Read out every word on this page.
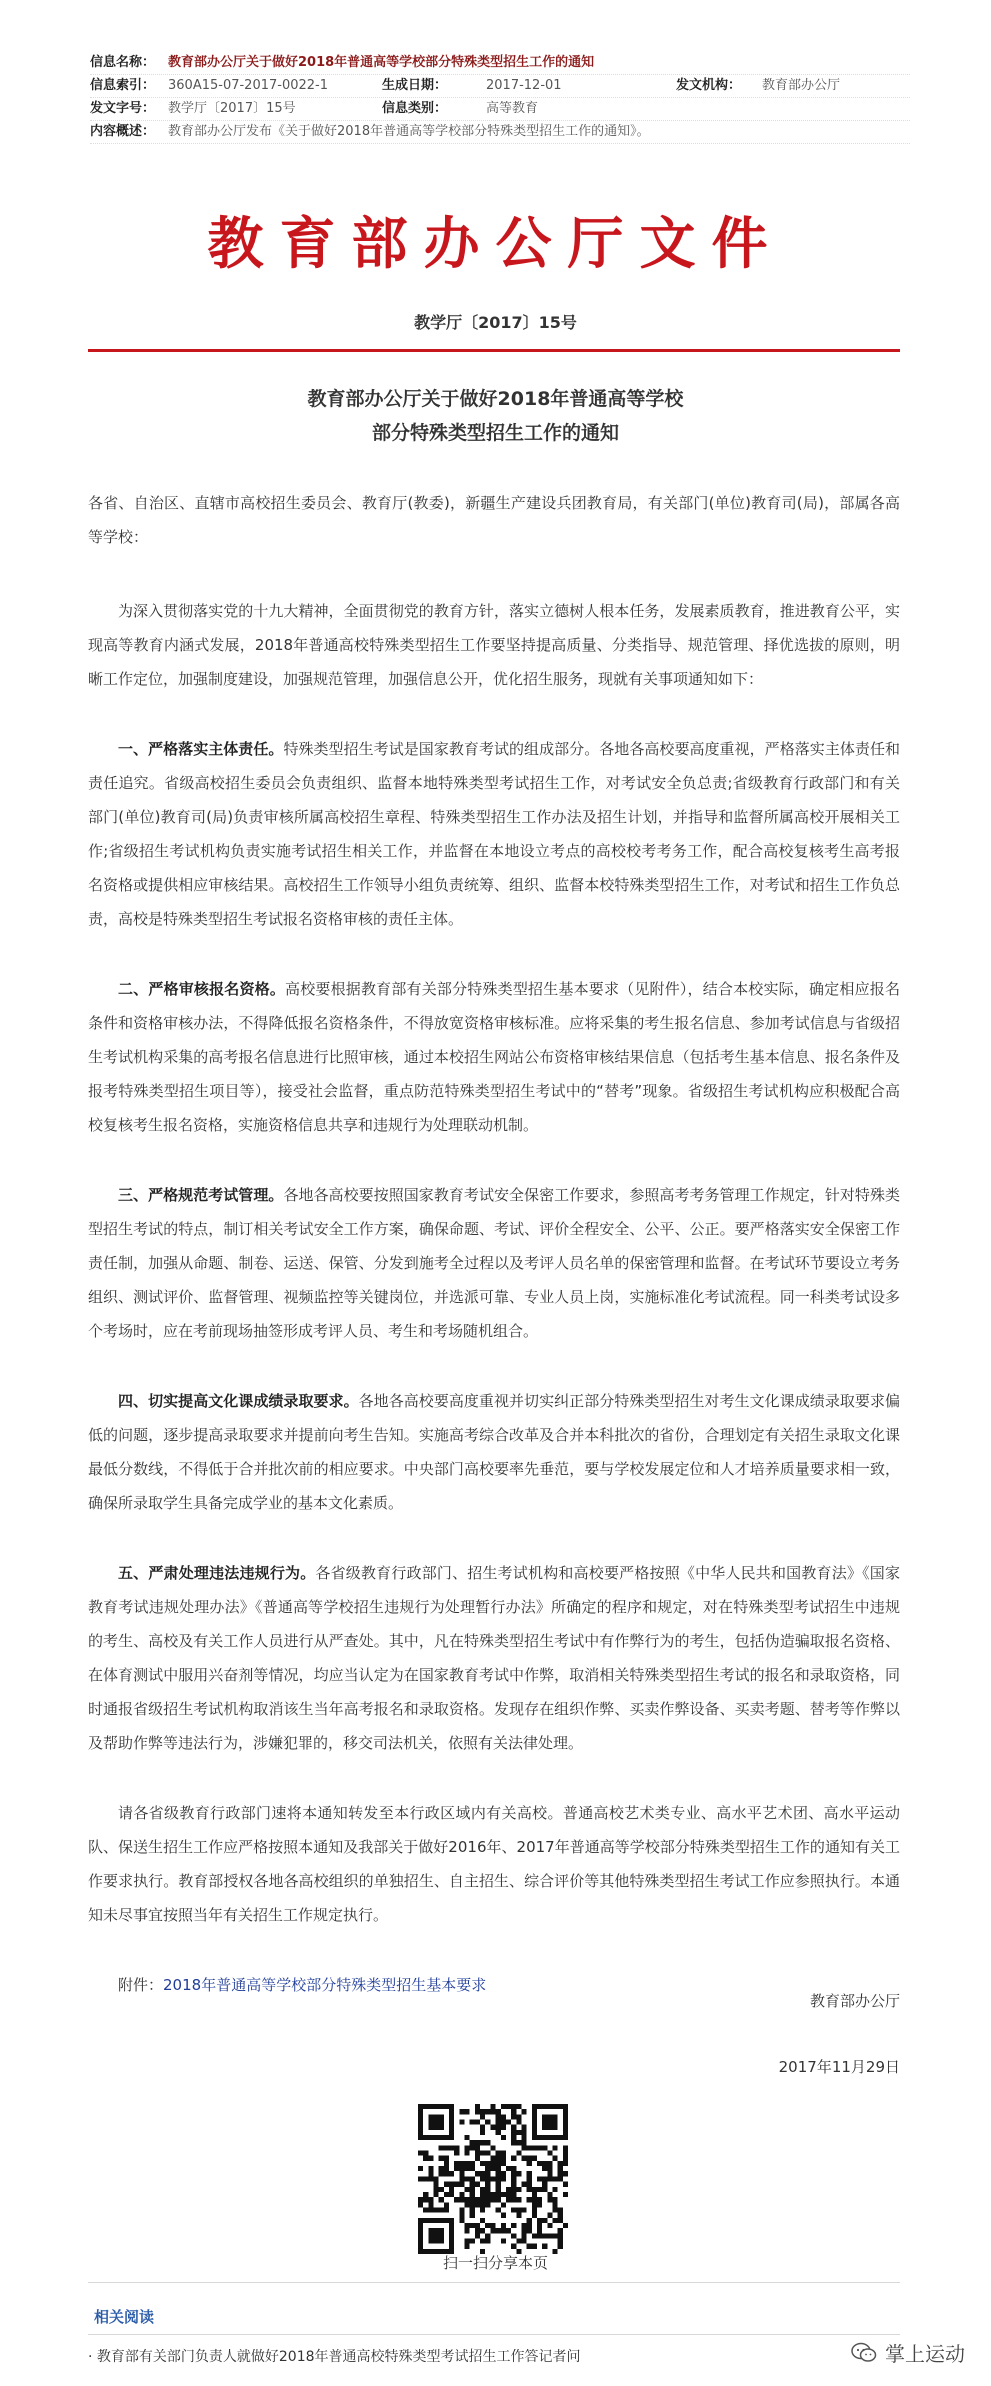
信息名称： 教育部办公厅关于做好2018年普通高等学校部分特殊类型招生工作的通知
信息索引： 360A15-07-2017-0022-1	生成日期：	2017-12-01	发文机构：	教育部办公厅
发文字号： 教学厅〔2017〕15号	信息类别：	高等教育
内容概述： 教育部办公厅发布《关于做好2018年普通高等学校部分特殊类型招生工作的通知》。
教育部办公厅文件
教学厅〔2017〕15号
教育部办公厅关于做好2018年普通高等学校
部分特殊类型招生工作的通知

各省、自治区、直辖市高校招生委员会、教育厅(教委)，新疆生产建设兵团教育局，有关部门(单位)教育司(局)，部属各高等学校：

为深入贯彻落实党的十九大精神，全面贯彻党的教育方针，落实立德树人根本任务，发展素质教育，推进教育公平，实现高等教育内涵式发展，2018年普通高校特殊类型招生工作要坚持提高质量、分类指导、规范管理、择优选拔的原则，明晰工作定位，加强制度建设，加强规范管理，加强信息公开，优化招生服务，现就有关事项通知如下：

一、严格落实主体责任。特殊类型招生考试是国家教育考试的组成部分。各地各高校要高度重视，严格落实主体责任和责任追究。省级高校招生委员会负责组织、监督本地特殊类型考试招生工作，对考试安全负总责;省级教育行政部门和有关部门(单位)教育司(局)负责审核所属高校招生章程、特殊类型招生工作办法及招生计划，并指导和监督所属高校开展相关工作;省级招生考试机构负责实施考试招生相关工作，并监督在本地设立考点的高校校考考务工作，配合高校复核考生高考报名资格或提供相应审核结果。高校招生工作领导小组负责统筹、组织、监督本校特殊类型招生工作，对考试和招生工作负总责，高校是特殊类型招生考试报名资格审核的责任主体。

二、严格审核报名资格。高校要根据教育部有关部分特殊类型招生基本要求（见附件），结合本校实际，确定相应报名条件和资格审核办法，不得降低报名资格条件，不得放宽资格审核标准。应将采集的考生报名信息、参加考试信息与省级招生考试机构采集的高考报名信息进行比照审核，通过本校招生网站公布资格审核结果信息（包括考生基本信息、报名条件及报考特殊类型招生项目等），接受社会监督，重点防范特殊类型招生考试中的“替考”现象。省级招生考试机构应积极配合高校复核考生报名资格，实施资格信息共享和违规行为处理联动机制。

三、严格规范考试管理。各地各高校要按照国家教育考试安全保密工作要求，参照高考考务管理工作规定，针对特殊类型招生考试的特点，制订相关考试安全工作方案，确保命题、考试、评价全程安全、公平、公正。要严格落实安全保密工作责任制，加强从命题、制卷、运送、保管、分发到施考全过程以及考评人员名单的保密管理和监督。在考试环节要设立考务组织、测试评价、监督管理、视频监控等关键岗位，并选派可靠、专业人员上岗，实施标准化考试流程。同一科类考试设多个考场时，应在考前现场抽签形成考评人员、考生和考场随机组合。

四、切实提高文化课成绩录取要求。各地各高校要高度重视并切实纠正部分特殊类型招生对考生文化课成绩录取要求偏低的问题，逐步提高录取要求并提前向考生告知。实施高考综合改革及合并本科批次的省份，合理划定有关招生录取文化课最低分数线，不得低于合并批次前的相应要求。中央部门高校要率先垂范，要与学校发展定位和人才培养质量要求相一致，确保所录取学生具备完成学业的基本文化素质。

五、严肃处理违法违规行为。各省级教育行政部门、招生考试机构和高校要严格按照《中华人民共和国教育法》《国家教育考试违规处理办法》《普通高等学校招生违规行为处理暂行办法》所确定的程序和规定，对在特殊类型考试招生中违规的考生、高校及有关工作人员进行从严查处。其中，凡在特殊类型招生考试中有作弊行为的考生，包括伪造骗取报名资格、在体育测试中服用兴奋剂等情况，均应当认定为在国家教育考试中作弊，取消相关特殊类型招生考试的报名和录取资格，同时通报省级招生考试机构取消该生当年高考报名和录取资格。发现存在组织作弊、买卖作弊设备、买卖考题、替考等作弊以及帮助作弊等违法行为，涉嫌犯罪的，移交司法机关，依照有关法律处理。

请各省级教育行政部门速将本通知转发至本行政区域内有关高校。普通高校艺术类专业、高水平艺术团、高水平运动队、保送生招生工作应严格按照本通知及我部关于做好2016年、2017年普通高等学校部分特殊类型招生工作的通知有关工作要求执行。教育部授权各地各高校组织的单独招生、自主招生、综合评价等其他特殊类型招生考试工作应参照执行。本通知未尽事宜按照当年有关招生工作规定执行。

附件：2018年普通高等学校部分特殊类型招生基本要求
教育部办公厅
2017年11月29日
扫一扫分享本页
相关阅读
· 教育部有关部门负责人就做好2018年普通高校特殊类型考试招生工作答记者问	掌上运动
